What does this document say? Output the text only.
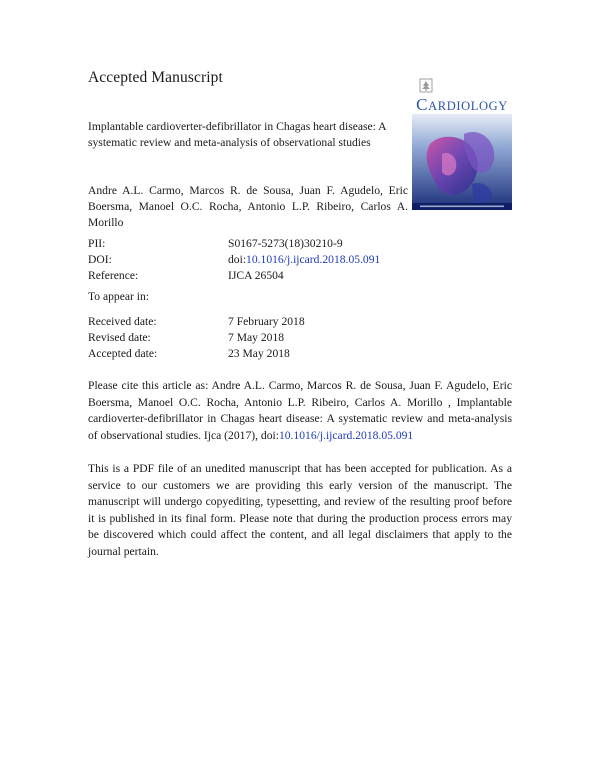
Accepted Manuscript
Implantable cardioverter-defibrillator in Chagas heart disease: A systematic review and meta-analysis of observational studies
CARDIOLOGY
Andre A.L. Carmo, Marcos R. de Sousa, Juan F. Agudelo, Eric Boersma, Manoel O.C. Rocha, Antonio L.P. Ribeiro, Carlos A. Morillo
PII:	S0167-5273(18)30210-9
DOI:	doi:10.1016/j.ijcard.2018.05.091
Reference:	IJCA 26504
To appear in:
Received date:	7 February 2018
Revised date:	7 May 2018
Accepted date:	23 May 2018
Please cite this article as: Andre A.L. Carmo, Marcos R. de Sousa, Juan F. Agudelo, Eric Boersma, Manoel O.C. Rocha, Antonio L.P. Ribeiro, Carlos A. Morillo , Implantable cardioverter-defibrillator in Chagas heart disease: A systematic review and meta-analysis of observational studies. Ijca (2017), doi:10.1016/j.ijcard.2018.05.091
This is a PDF file of an unedited manuscript that has been accepted for publication. As a service to our customers we are providing this early version of the manuscript. The manuscript will undergo copyediting, typesetting, and review of the resulting proof before it is published in its final form. Please note that during the production process errors may be discovered which could affect the content, and all legal disclaimers that apply to the journal pertain.
